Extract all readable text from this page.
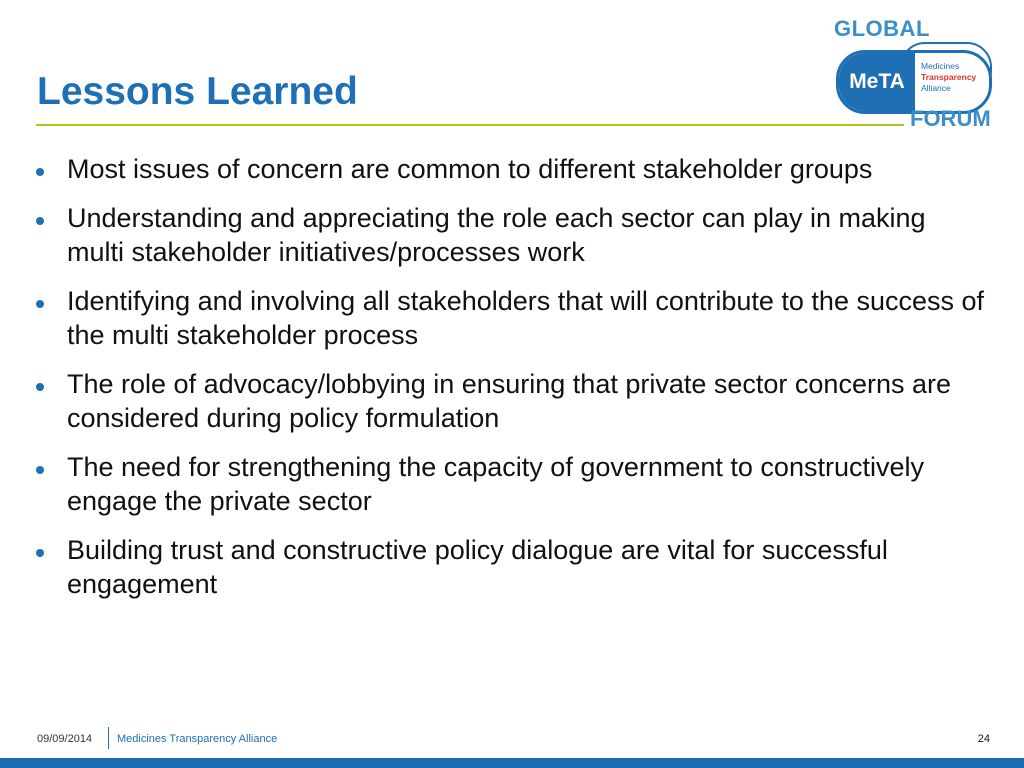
Lessons Learned
GLOBAL
MeTA
Medicines
Transparency
Alliance
FORUM
Most issues of concern are common to different stakeholder groups
Understanding and appreciating the role each sector can play in making multi stakeholder initiatives/processes work
Identifying and involving all stakeholders that will contribute to the success of the multi stakeholder process
The role of advocacy/lobbying in ensuring that private sector concerns are considered during policy formulation
The need for strengthening the capacity of government to constructively engage the private sector
Building trust and constructive policy dialogue are vital for successful engagement
09/09/2014 Medicines Transparency Alliance	24
